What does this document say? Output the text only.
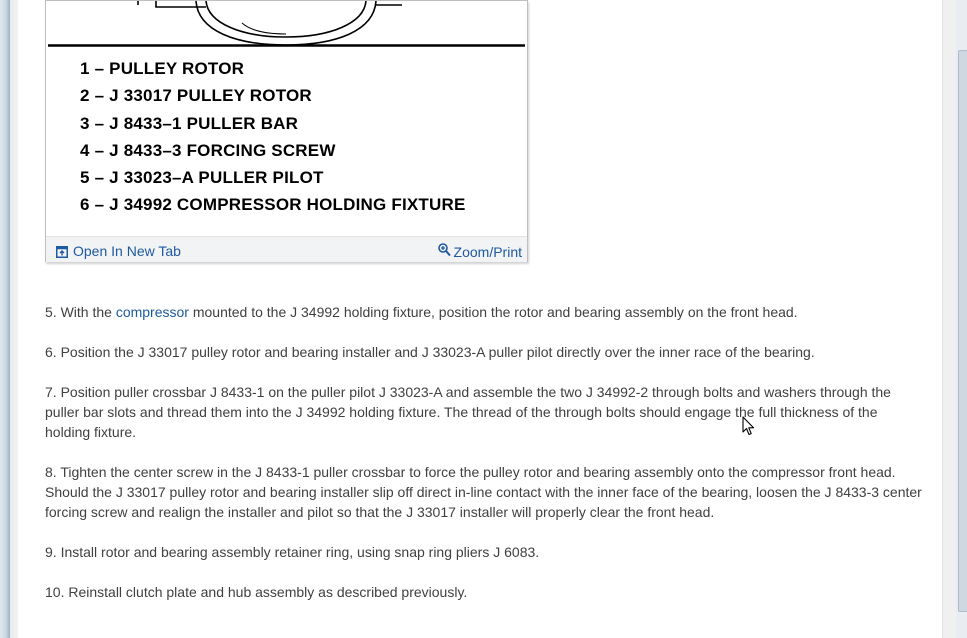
1 – PULLEY ROTOR
2 – J 33017 PULLEY ROTOR
3 – J 8433–1 PULLER BAR
4 – J 8433–3 FORCING SCREW
5 – J 33023–A PULLER PILOT
6 – J 34992 COMPRESSOR HOLDING FIXTURE
Open In New Tab	Zoom/Print

5. With the compressor mounted to the J 34992 holding fixture, position the rotor and bearing assembly on the front head.

6. Position the J 33017 pulley rotor and bearing installer and J 33023-A puller pilot directly over the inner race of the bearing.

7. Position puller crossbar J 8433-1 on the puller pilot J 33023-A and assemble the two J 34992-2 through bolts and washers through the puller bar slots and thread them into the J 34992 holding fixture. The thread of the through bolts should engage the full thickness of the holding fixture.

8. Tighten the center screw in the J 8433-1 puller crossbar to force the pulley rotor and bearing assembly onto the compressor front head. Should the J 33017 pulley rotor and bearing installer slip off direct in-line contact with the inner face of the bearing, loosen the J 8433-3 center forcing screw and realign the installer and pilot so that the J 33017 installer will properly clear the front head.

9. Install rotor and bearing assembly retainer ring, using snap ring pliers J 6083.

10. Reinstall clutch plate and hub assembly as described previously.
